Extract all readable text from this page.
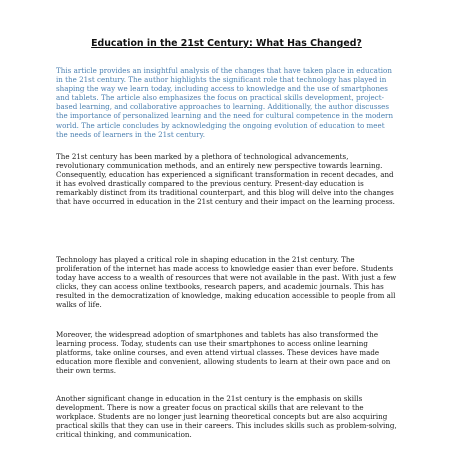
Education in the 21st Century: What Has Changed?

This article provides an insightful analysis of the changes that have taken place in education in the 21st century. The author highlights the significant role that technology has played in shaping the way we learn today, including access to knowledge and the use of smartphones and tablets. The article also emphasizes the focus on practical skills development, project-based learning, and collaborative approaches to learning. Additionally, the author discusses the importance of personalized learning and the need for cultural competence in the modern world. The article concludes by acknowledging the ongoing evolution of education to meet the needs of learners in the 21st century.

The 21st century has been marked by a plethora of technological advancements, revolutionary communication methods, and an entirely new perspective towards learning. Consequently, education has experienced a significant transformation in recent decades, and it has evolved drastically compared to the previous century. Present-day education is remarkably distinct from its traditional counterpart, and this blog will delve into the changes that have occurred in education in the 21st century and their impact on the learning process.

Technology has played a critical role in shaping education in the 21st century. The proliferation of the internet has made access to knowledge easier than ever before. Students today have access to a wealth of resources that were not available in the past. With just a few clicks, they can access online textbooks, research papers, and academic journals. This has resulted in the democratization of knowledge, making education accessible to people from all walks of life.

Moreover, the widespread adoption of smartphones and tablets has also transformed the learning process. Today, students can use their smartphones to access online learning platforms, take online courses, and even attend virtual classes. These devices have made education more flexible and convenient, allowing students to learn at their own pace and on their own terms.

Another significant change in education in the 21st century is the emphasis on skills development. There is now a greater focus on practical skills that are relevant to the workplace. Students are no longer just learning theoretical concepts but are also acquiring practical skills that they can use in their careers. This includes skills such as problem-solving, critical thinking, and communication.
